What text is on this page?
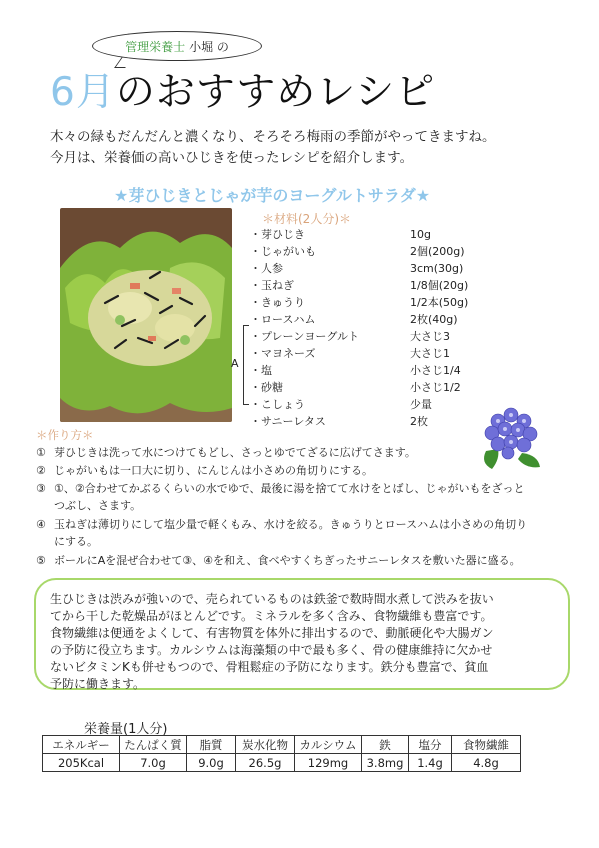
管理栄養士 小堀 の
6月のおすすめレシピ
木々の緑もだんだんと濃くなり、そろそろ梅雨の季節がやってきますね。
今月は、栄養価の高いひじきを使ったレシピを紹介します。
★芽ひじきとじゃが芋のヨーグルトサラダ★
＊材料(2人分)＊
・芽ひじき	10g
・じゃがいも	2個(200g)
・人参	3cm(30g)
・玉ねぎ	1/8個(20g)
・きゅうり	1/2本(50g)
・ロースハム	2枚(40g)
・プレーンヨーグルト	大さじ3
・マヨネーズ	大さじ1
・塩	小さじ1/4
・砂糖	小さじ1/2
・こしょう	少量
・サニーレタス	2枚
A
＊作り方＊
① 芽ひじきは洗って水につけてもどし、さっとゆでてざるに広げてさます。
② じゃがいもは一口大に切り、にんじんは小さめの角切りにする。
③ ①、②合わせてかぶるくらいの水でゆで、最後に湯を捨てて水けをとばし、じゃがいもをざっと
つぶし、さます。
④ 玉ねぎは薄切りにして塩少量で軽くもみ、水けを絞る。きゅうりとロースハムは小さめの角切り
にする。
⑤ ボールにAを混ぜ合わせて③、④を和え、食べやすくちぎったサニーレタスを敷いた器に盛る。
生ひじきは渋みが強いので、売られているものは鉄釜で数時間水煮して渋みを抜い
てから干した乾燥品がほとんどです。ミネラルを多く含み、食物繊維も豊富です。
食物繊維は便通をよくして、有害物質を体外に排出するので、動脈硬化や大腸ガン
の予防に役立ちます。カルシウムは海藻類の中で最も多く、骨の健康維持に欠かせ
ないビタミンKも併せもつので、骨粗鬆症の予防になります。鉄分も豊富で、貧血
予防に働きます。
栄養量(1人分)
エネルギー	たんぱく質	脂質	炭水化物	カルシウム	鉄	塩分	食物繊維
205Kcal	7.0g	9.0g	26.5g	129mg	3.8mg	1.4g	4.8g
